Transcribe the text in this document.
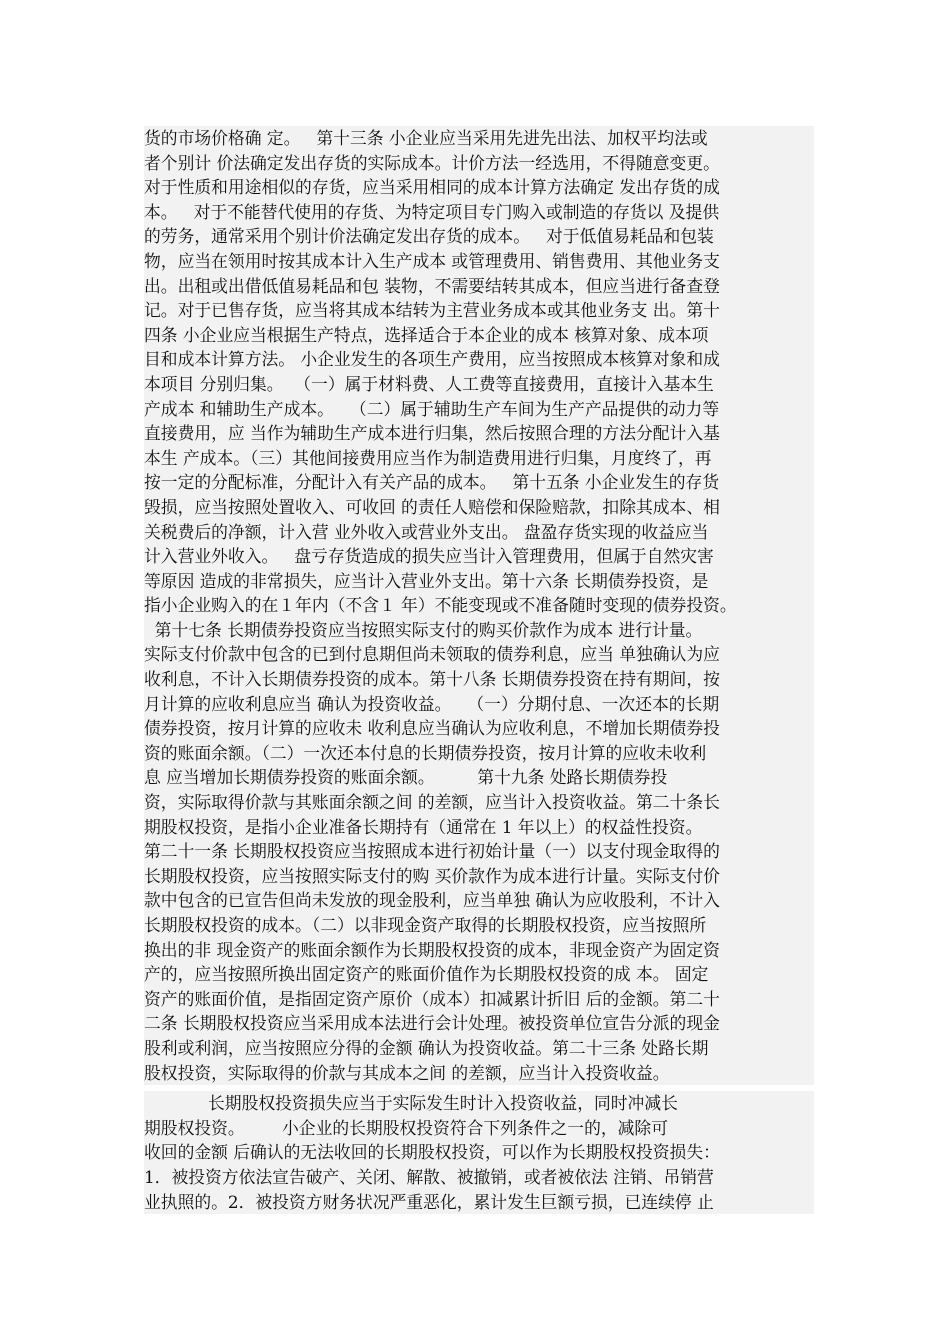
货的市场价格确 定。   第十三条 小企业应当采用先进先出法、加权平均法或
者个别计 价法确定发出存货的实际成本。计价方法一经选用，不得随意变更。
对于性质和用途相似的存货，应当采用相同的成本计算方法确定 发出存货的成
本。   对于不能替代使用的存货、为特定项目专门购入或制造的存货以 及提供
的劳务，通常采用个别计价法确定发出存货的成本。   对于低值易耗品和包装
物，应当在领用时按其成本计入生产成本 或管理费用、销售费用、其他业务支
出。出租或出借低值易耗品和包 装物，不需要结转其成本，但应当进行备查登
记。对于已售存货，应当将其成本结转为主营业务成本或其他业务支 出。第十
四条 小企业应当根据生产特点，选择适合于本企业的成本 核算对象、成本项
目和成本计算方法。 小企业发生的各项生产费用，应当按照成本核算对象和成
本项目 分别归集。  （一）属于材料费、人工费等直接费用，直接计入基本生
产成本 和辅助生产成本。   （二）属于辅助生产车间为生产产品提供的动力等
直接费用，应 当作为辅助生产成本进行归集，然后按照合理的方法分配计入基
本生 产成本。（三）其他间接费用应当作为制造费用进行归集，月度终了，再
按一定的分配标准，分配计入有关产品的成本。   第十五条 小企业发生的存货
毁损，应当按照处置收入、可收回 的责任人赔偿和保险赔款，扣除其成本、相
关税费后的净额，计入营 业外收入或营业外支出。 盘盈存货实现的收益应当
计入营业外收入。   盘亏存货造成的损失应当计入管理费用，但属于自然灾害
等原因 造成的非常损失，应当计入营业外支出。第十六条 长期债券投资，是
指小企业购入的在１年内（不含１ 年）不能变现或不准备随时变现的债券投资。
第十七条 长期债券投资应当按照实际支付的购买价款作为成本 进行计量。
实际支付价款中包含的已到付息期但尚未领取的债券利息，应当 单独确认为应
收利息，不计入长期债券投资的成本。第十八条 长期债券投资在持有期间，按
月计算的应收利息应当 确认为投资收益。   （一）分期付息、一次还本的长期
债券投资，按月计算的应收未 收利息应当确认为应收利息，不增加长期债券投
资的账面余额。（二）一次还本付息的长期债券投资，按月计算的应收未收利
息 应当增加长期债券投资的账面余额。        第十九条 处路长期债券投
资，实际取得价款与其账面余额之间 的差额，应当计入投资收益。第二十条长
期股权投资，是指小企业准备长期持有（通常在 1 年以上）的权益性投资。
第二十一条 长期股权投资应当按照成本进行初始计量（一）以支付现金取得的
长期股权投资，应当按照实际支付的购 买价款作为成本进行计量。实际支付价
款中包含的已宣告但尚未发放的现金股利，应当单独 确认为应收股利，不计入
长期股权投资的成本。（二）以非现金资产取得的长期股权投资，应当按照所
换出的非 现金资产的账面余额作为长期股权投资的成本，非现金资产为固定资
产的，应当按照所换出固定资产的账面价值作为长期股权投资的成 本。 固定
资产的账面价值，是指固定资产原价（成本）扣减累计折旧 后的金额。第二十
二条 长期股权投资应当采用成本法进行会计处理。被投资单位宣告分派的现金
股利或利润，应当按照应分得的金额 确认为投资收益。第二十三条 处路长期
股权投资，实际取得的价款与其成本之间 的差额，应当计入投资收益。
长期股权投资损失应当于实际发生时计入投资收益，同时冲减长
期股权投资。       小企业的长期股权投资符合下列条件之一的，减除可
收回的金额 后确认的无法收回的长期股权投资，可以作为长期股权投资损失：
1．被投资方依法宣告破产、关闭、解散、被撤销，或者被依法 注销、吊销营
业执照的。2．被投资方财务状况严重恶化，累计发生巨额亏损，已连续停 止
